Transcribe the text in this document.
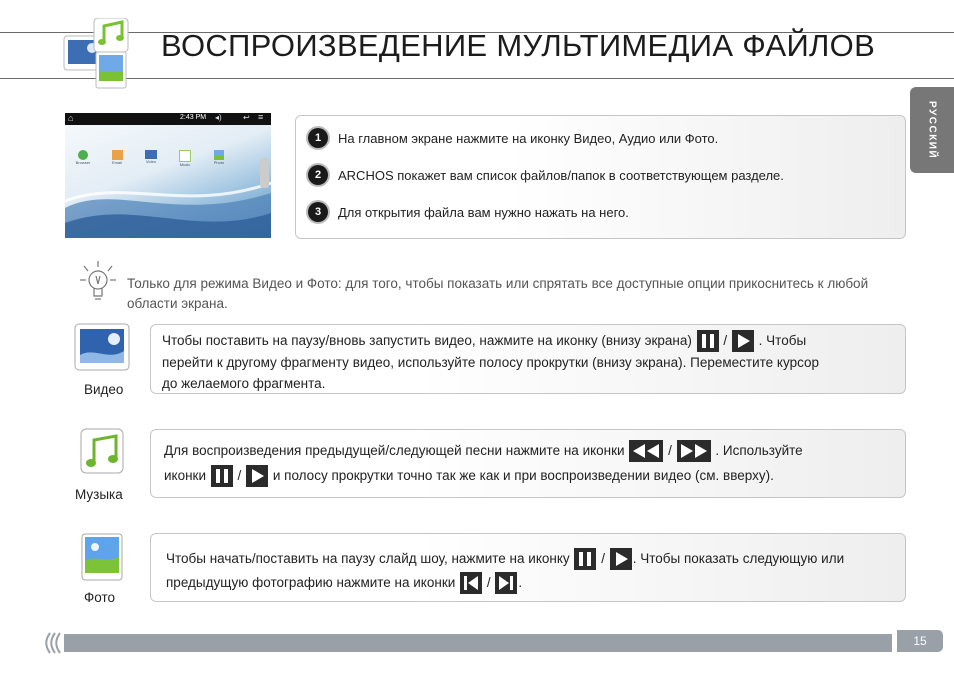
ВОСПРОИЗВЕДЕНИЕ МУЛЬТИМЕДИА ФАЙЛОВ
РУССКИЙ
⌂	2:43 PM ◂)	↩ ≡
Browser	Email	Video
Music	Photo
1	На главном экране нажмите на иконку Видео, Аудио или Фото.
2	ARCHOS покажет вам список файлов/папок в соответствующем разделе.
3	Для открытия файла вам нужно нажать на него.
Только для режима Видео и Фото: для того, чтобы показать или спрятать все доступные опции прикоснитесь к любой области экрана.
Видео
Чтобы поставить на паузу/вновь запустить видео, нажмите на иконку (внизу экрана) / . Чтобы
перейти к другому фрагменту видео, используйте полосу прокрутки (внизу экрана). Переместите курсор
до желаемого фрагмента.
Музыка
Для воспроизведения предыдущей/следующей песни нажмите на иконки	/	. Используйте
иконки / и полосу прокрутки точно так же как и при воспроизведении видео (см. вверху).
Фото
Чтобы начать/поставить на паузу слайд шоу, нажмите на иконку / . Чтобы показать следующую или
предыдущую фотографию нажмите на иконки / .
15
